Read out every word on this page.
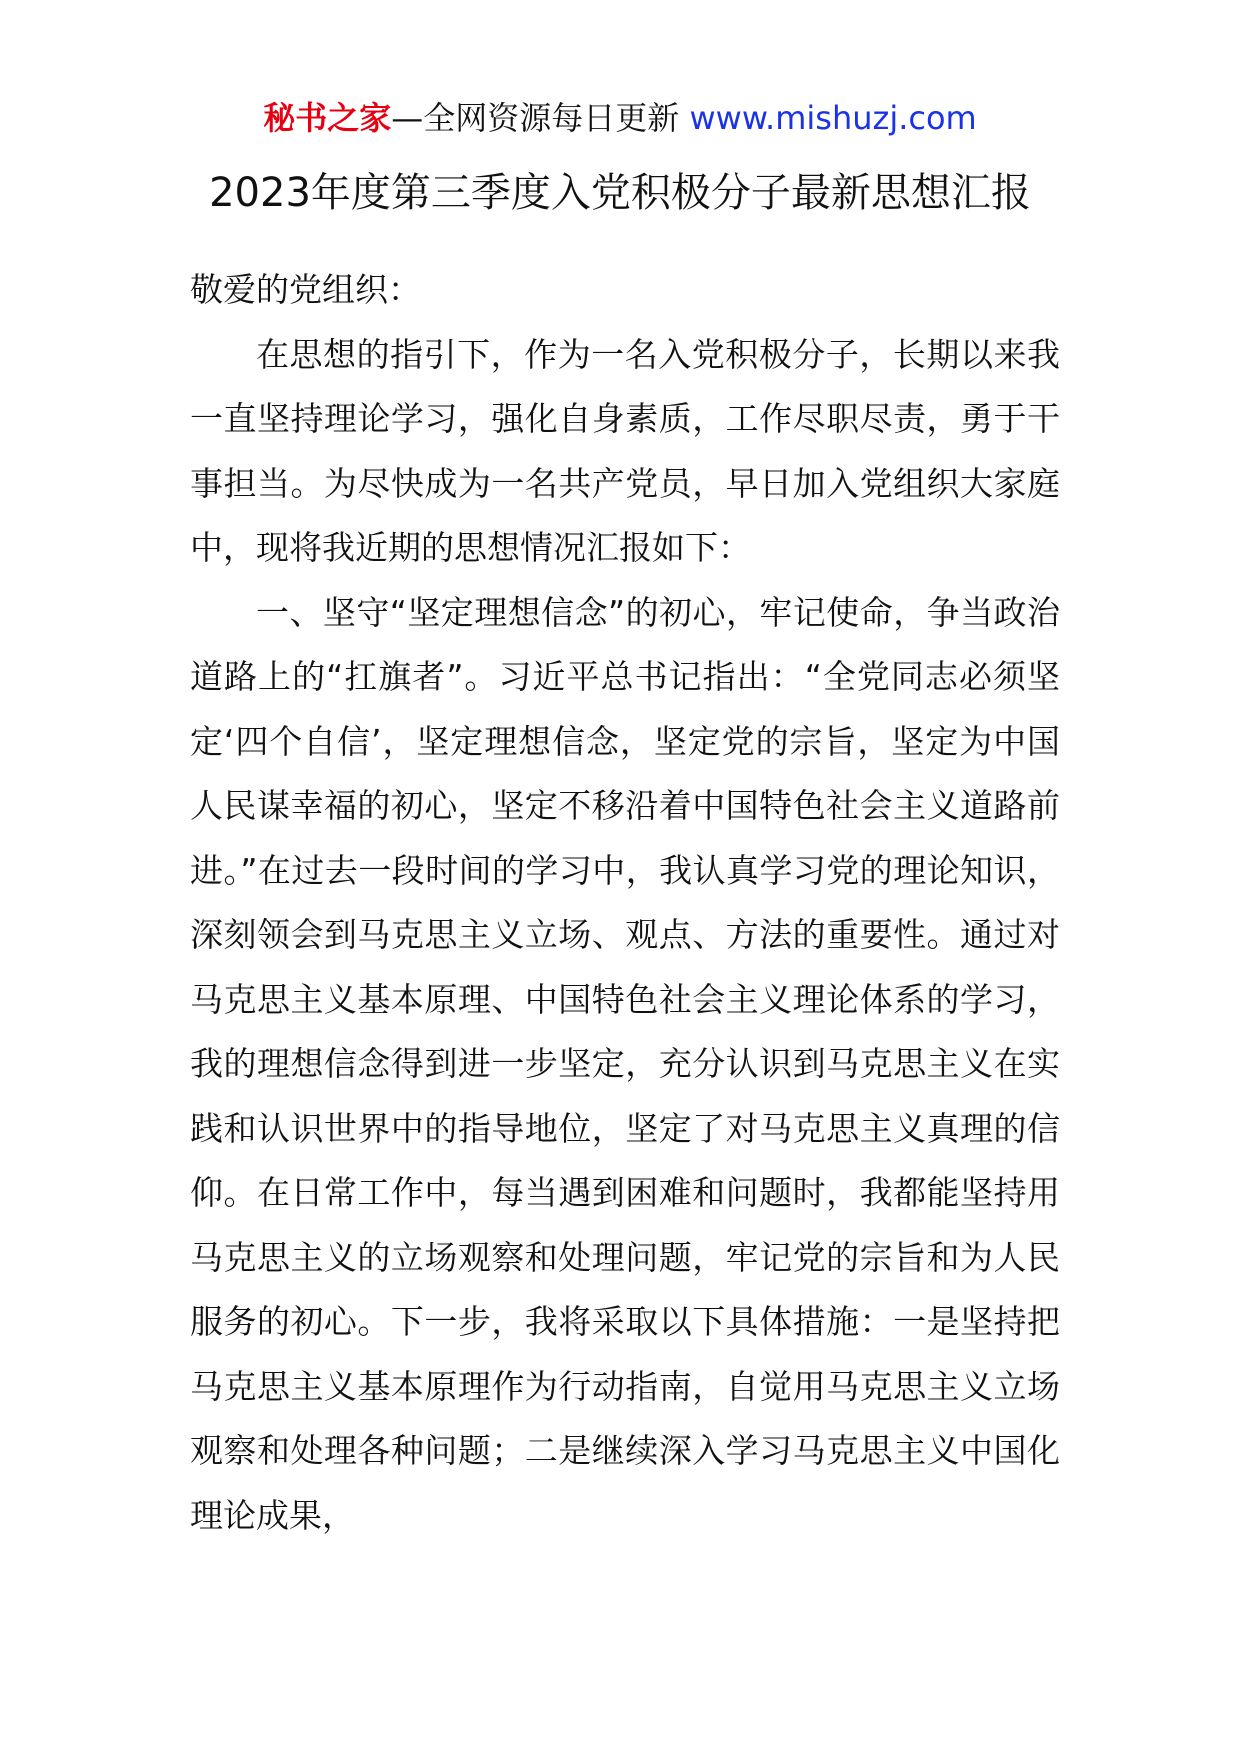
秘书之家—全网资源每日更新 www.mishuzj.com
2023年度第三季度入党积极分子最新思想汇报

敬爱的党组织：

在思想的指引下，作为一名入党积极分子，长期以来我一直坚持理论学习，强化自身素质，工作尽职尽责，勇于干事担当。为尽快成为一名共产党员，早日加入党组织大家庭中，现将我近期的思想情况汇报如下：

一、坚守“坚定理想信念”的初心，牢记使命，争当政治道路上的“扛旗者”。习近平总书记指出：“全党同志必须坚定‘四个自信’，坚定理想信念，坚定党的宗旨，坚定为中国人民谋幸福的初心，坚定不移沿着中国特色社会主义道路前进。”在过去一段时间的学习中，我认真学习党的理论知识，深刻领会到马克思主义立场、观点、方法的重要性。通过对马克思主义基本原理、中国特色社会主义理论体系的学习，我的理想信念得到进一步坚定，充分认识到马克思主义在实践和认识世界中的指导地位，坚定了对马克思主义真理的信仰。在日常工作中，每当遇到困难和问题时，我都能坚持用马克思主义的立场观察和处理问题，牢记党的宗旨和为人民服务的初心。下一步，我将采取以下具体措施：一是坚持把马克思主义基本原理作为行动指南，自觉用马克思主义立场观察和处理各种问题；二是继续深入学习马克思主义中国化理论成果，
